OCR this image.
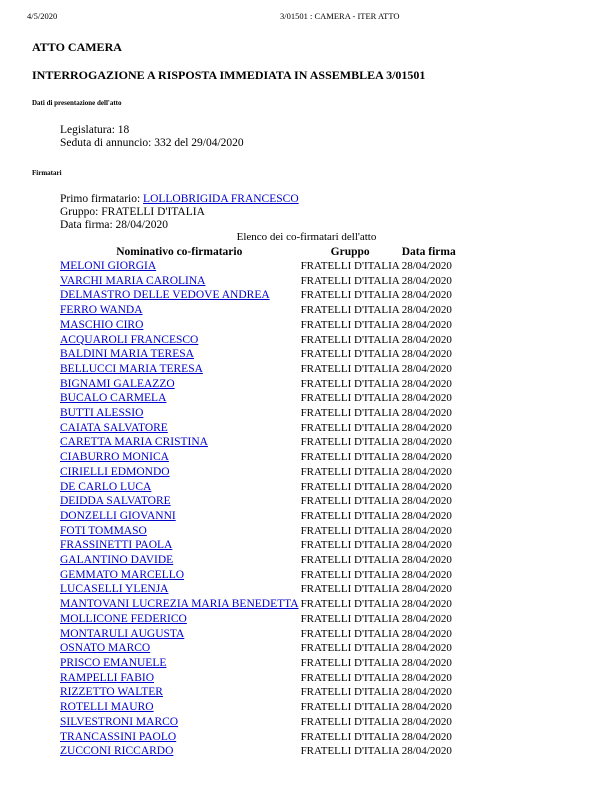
4/5/2020	3/01501 : CAMERA - ITER ATTO
ATTO CAMERA
INTERROGAZIONE A RISPOSTA IMMEDIATA IN ASSEMBLEA 3/01501
Dati di presentazione dell'atto
Legislatura: 18
Seduta di annuncio: 332 del 29/04/2020
Firmatari
Primo firmatario: LOLLOBRIGIDA FRANCESCO
Gruppo: FRATELLI D'ITALIA
Data firma: 28/04/2020
Elenco dei co-firmatari dell'atto
Nominativo co-firmatario	Gruppo	Data firma
MELONI GIORGIA	FRATELLI D'ITALIA	28/04/2020
VARCHI MARIA CAROLINA	FRATELLI D'ITALIA	28/04/2020
DELMASTRO DELLE VEDOVE ANDREA	FRATELLI D'ITALIA	28/04/2020
FERRO WANDA	FRATELLI D'ITALIA	28/04/2020
MASCHIO CIRO	FRATELLI D'ITALIA	28/04/2020
ACQUAROLI FRANCESCO	FRATELLI D'ITALIA	28/04/2020
BALDINI MARIA TERESA	FRATELLI D'ITALIA	28/04/2020
BELLUCCI MARIA TERESA	FRATELLI D'ITALIA	28/04/2020
BIGNAMI GALEAZZO	FRATELLI D'ITALIA	28/04/2020
BUCALO CARMELA	FRATELLI D'ITALIA	28/04/2020
BUTTI ALESSIO	FRATELLI D'ITALIA	28/04/2020
CAIATA SALVATORE	FRATELLI D'ITALIA	28/04/2020
CARETTA MARIA CRISTINA	FRATELLI D'ITALIA	28/04/2020
CIABURRO MONICA	FRATELLI D'ITALIA	28/04/2020
CIRIELLI EDMONDO	FRATELLI D'ITALIA	28/04/2020
DE CARLO LUCA	FRATELLI D'ITALIA	28/04/2020
DEIDDA SALVATORE	FRATELLI D'ITALIA	28/04/2020
DONZELLI GIOVANNI	FRATELLI D'ITALIA	28/04/2020
FOTI TOMMASO	FRATELLI D'ITALIA	28/04/2020
FRASSINETTI PAOLA	FRATELLI D'ITALIA	28/04/2020
GALANTINO DAVIDE	FRATELLI D'ITALIA	28/04/2020
GEMMATO MARCELLO	FRATELLI D'ITALIA	28/04/2020
LUCASELLI YLENJA	FRATELLI D'ITALIA	28/04/2020
MANTOVANI LUCREZIA MARIA BENEDETTA	FRATELLI D'ITALIA	28/04/2020
MOLLICONE FEDERICO	FRATELLI D'ITALIA	28/04/2020
MONTARULI AUGUSTA	FRATELLI D'ITALIA	28/04/2020
OSNATO MARCO	FRATELLI D'ITALIA	28/04/2020
PRISCO EMANUELE	FRATELLI D'ITALIA	28/04/2020
RAMPELLI FABIO	FRATELLI D'ITALIA	28/04/2020
RIZZETTO WALTER	FRATELLI D'ITALIA	28/04/2020
ROTELLI MAURO	FRATELLI D'ITALIA	28/04/2020
SILVESTRONI MARCO	FRATELLI D'ITALIA	28/04/2020
TRANCASSINI PAOLO	FRATELLI D'ITALIA	28/04/2020
ZUCCONI RICCARDO	FRATELLI D'ITALIA	28/04/2020
